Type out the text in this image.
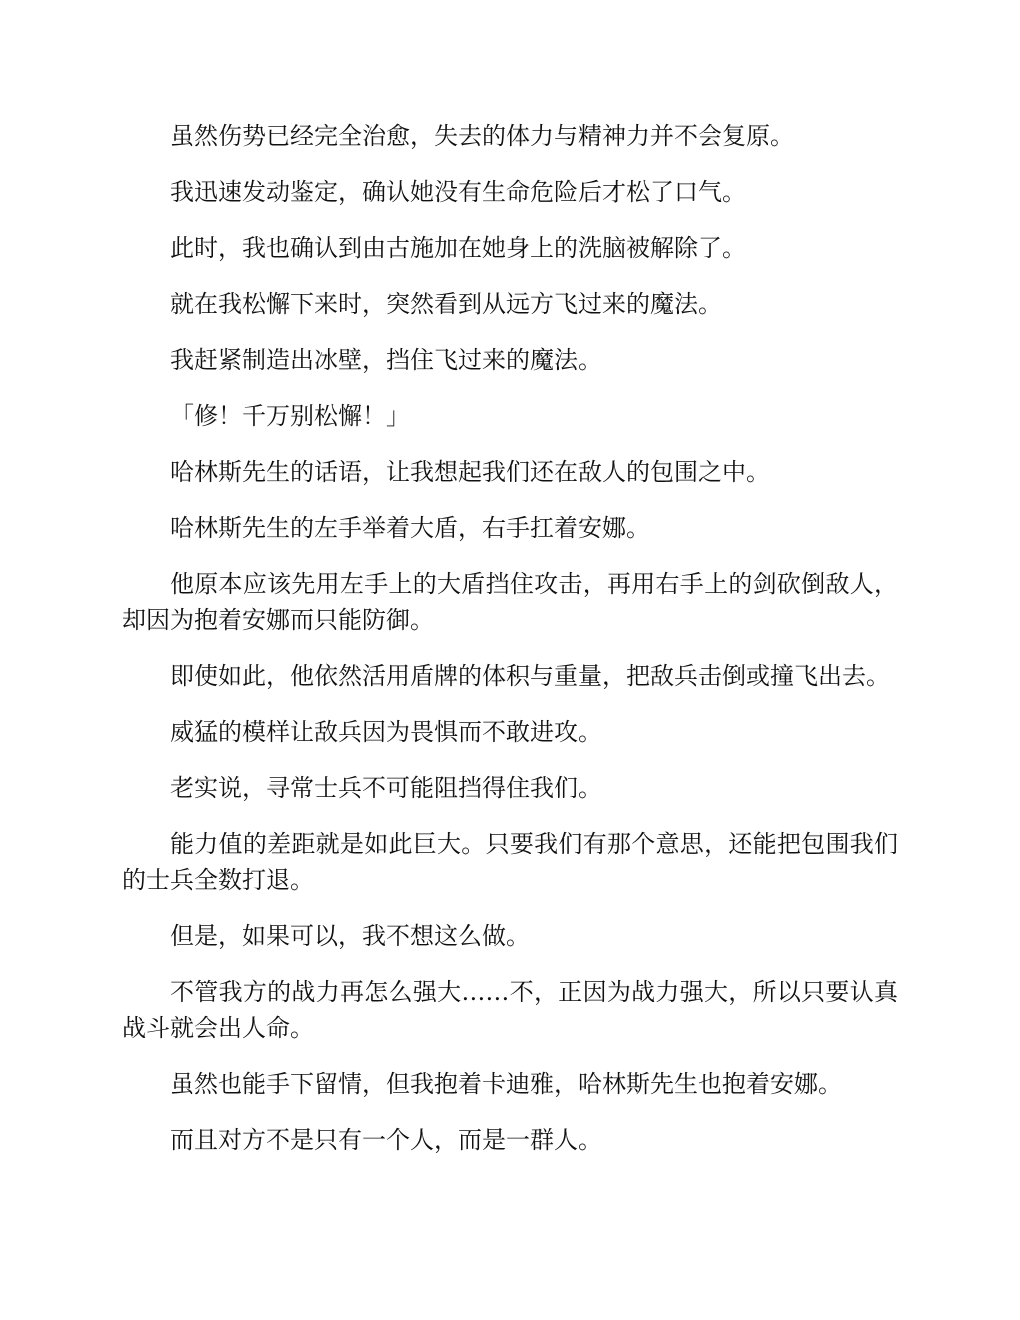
虽然伤势已经完全治愈，失去的体力与精神力并不会复原。

我迅速发动鉴定，确认她没有生命危险后才松了口气。

此时，我也确认到由古施加在她身上的洗脑被解除了。

就在我松懈下来时，突然看到从远方飞过来的魔法。

我赶紧制造出冰壁，挡住飞过来的魔法。

「修！千万别松懈！」

哈林斯先生的话语，让我想起我们还在敌人的包围之中。

哈林斯先生的左手举着大盾，右手扛着安娜。

他原本应该先用左手上的大盾挡住攻击，再用右手上的剑砍倒敌人，却因为抱着安娜而只能防御。

即使如此，他依然活用盾牌的体积与重量，把敌兵击倒或撞飞出去。

威猛的模样让敌兵因为畏惧而不敢进攻。

老实说，寻常士兵不可能阻挡得住我们。

能力值的差距就是如此巨大。只要我们有那个意思，还能把包围我们的士兵全数打退。

但是，如果可以，我不想这么做。

不管我方的战力再怎么强大……不，正因为战力强大，所以只要认真战斗就会出人命。

虽然也能手下留情，但我抱着卡迪雅，哈林斯先生也抱着安娜。

而且对方不是只有一个人，而是一群人。
